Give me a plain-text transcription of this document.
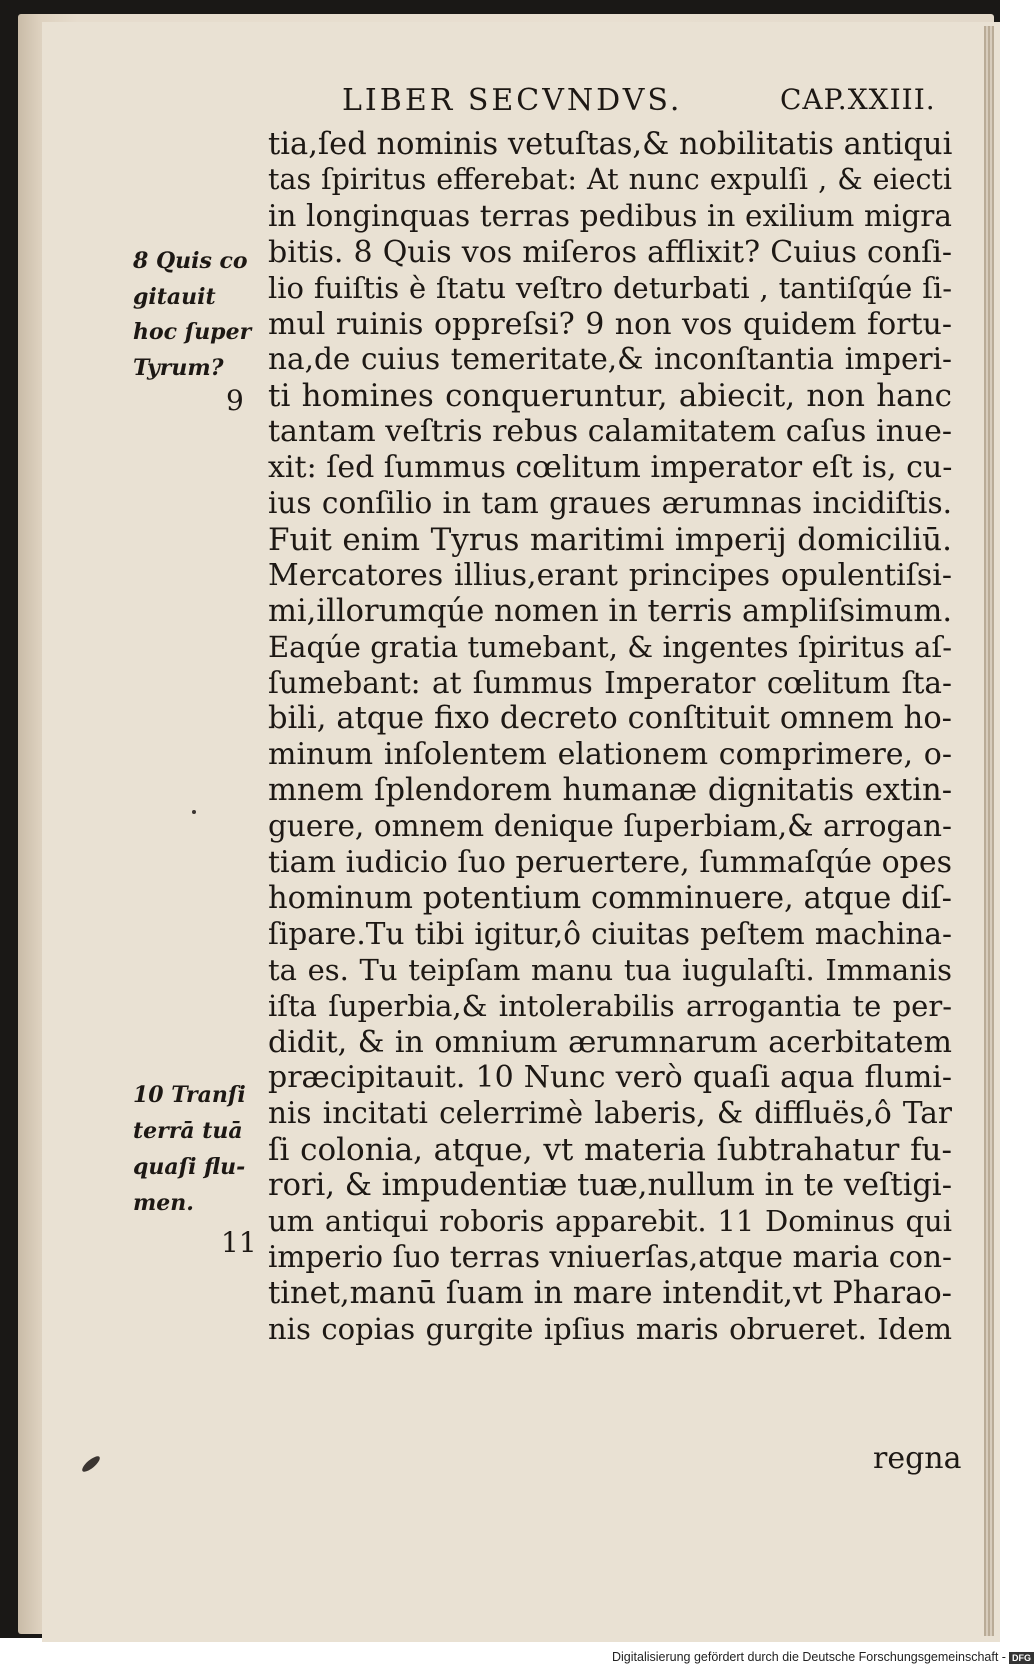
LIBER SECVNDVS.	CAP.XXIII.
tia,ſed nominis vetuſtas,& nobilitatis antiqui
tas ſpiritus efferebat: At nunc expulſi , & eiecti
in longinquas terras pedibus in exilium migra
bitis. 8 Quis vos miſeros afflixit? Cuius conſi-
lio fuiſtis è ſtatu veſtro deturbati , tantiſqúe ſi-
mul ruinis oppreſsi? 9 non vos quidem fortu-
na,de cuius temeritate,& inconſtantia imperi-
ti homines conqueruntur, abiecit, non hanc
tantam veſtris rebus calamitatem caſus inue-
xit: ſed ſummus cœlitum imperator eſt is, cu-
ius conſilio in tam graues ærumnas incidiſtis.
Fuit enim Tyrus maritimi imperij domiciliū.
Mercatores illius,erant principes opulentiſsi-
mi,illorumqúe nomen in terris ampliſsimum.
Eaqúe gratia tumebant, & ingentes ſpiritus aſ-
ſumebant: at ſummus Imperator cœlitum ſta-
bili, atque fixo decreto conſtituit omnem ho-
minum inſolentem elationem comprimere, o-
mnem ſplendorem humanæ dignitatis extin-
guere, omnem denique ſuperbiam,& arrogan-
tiam iudicio ſuo peruertere, ſummaſqúe opes
hominum potentium comminuere, atque diſ-
ſipare.Tu tibi igitur,ô ciuitas peſtem machina-
ta es. Tu teipſam manu tua iugulaſti. Immanis
iſta ſuperbia,& intolerabilis arrogantia te per-
didit, & in omnium ærumnarum acerbitatem
præcipitauit. 10 Nunc verò quaſi aqua flumi-
nis incitati celerrimè laberis, & diffluës,ô Tar
ſi colonia, atque, vt materia ſubtrahatur fu-
rori, & impudentiæ tuæ,nullum in te veſtigi-
um antiqui roboris apparebit. 11 Dominus qui
imperio ſuo terras vniuerſas,atque maria con-
tinet,manū ſuam in mare intendit,vt Pharao-
nis copias gurgite ipſius maris obrueret. Idem
regna
8 Quis co
gitauit
hoc ſuper
Tyrum?
9
10 Tranſi
terrā tuā
quaſi flu-
men.
11
Digitalisierung gefördert durch die Deutsche Forschungsgemeinschaft - DFG
